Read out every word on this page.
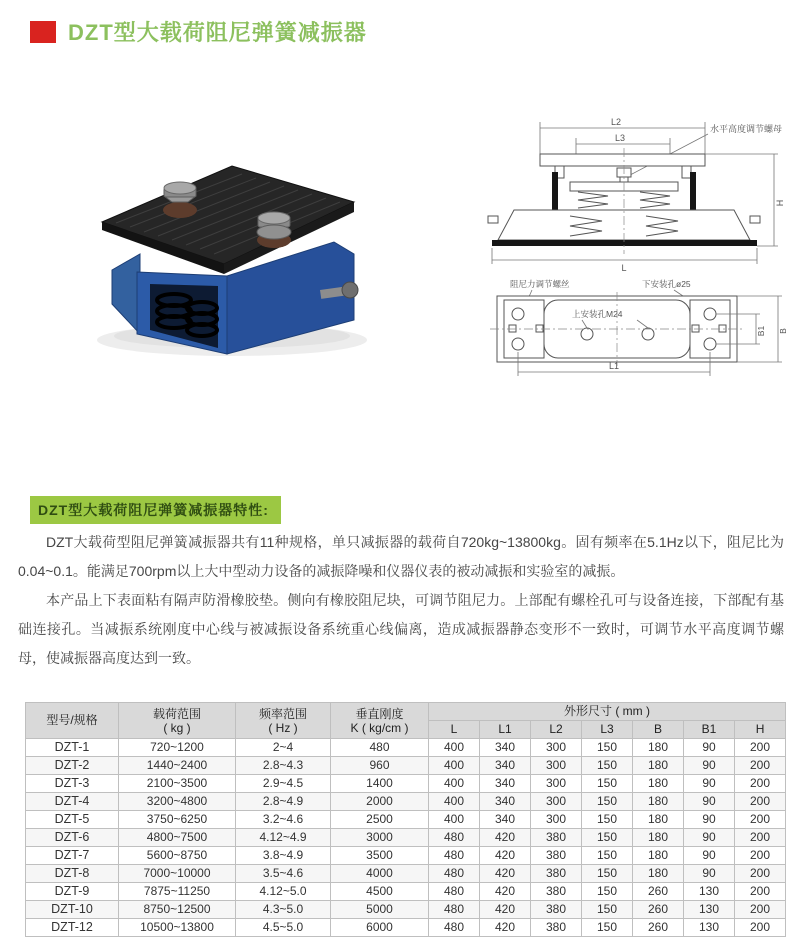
DZT型大载荷阻尼弹簧减振器
L2
L3
水平高度调节螺母
H
L
阻尼力调节螺丝	下安装孔ø25
上安装孔M24
B1 B
L1
DZT型大载荷阻尼弹簧减振器特性:

DZT大载荷型阻尼弹簧减振器共有11种规格，单只减振器的载荷自720kg~13800kg。固有频率在5.1Hz以下，阻尼比为0.04~0.1。能满足700rpm以上大中型动力设备的减振降噪和仪器仪表的被动减振和实验室的减振。

本产品上下表面粘有隔声防滑橡胶垫。侧向有橡胶阻尼块，可调节阻尼力。上部配有螺栓孔可与设备连接，下部配有基础连接孔。当减振系统刚度中心线与被减振设备系统重心线偏离，造成减振器静态变形不一致时，可调节水平高度调节螺母，使减振器高度达到一致。

型号/规格	载荷范围
( kg )

频率范围
( Hz )

垂直刚度
K ( kg/cm )
	外形尺寸 ( mm )
				L	L1	L2	L3	B	B1	H
DZT-1	720~1200	2~4	480	400	340	300	150	180	90	200
DZT-2	1440~2400	2.8~4.3	960	400	340	300	150	180	90	200
DZT-3	2100~3500	2.9~4.5	1400	400	340	300	150	180	90	200
DZT-4	3200~4800	2.8~4.9	2000	400	340	300	150	180	90	200
DZT-5	3750~6250	3.2~4.6	2500	400	340	300	150	180	90	200
DZT-6	4800~7500	4.12~4.9	3000	480	420	380	150	180	90	200
DZT-7	5600~8750	3.8~4.9	3500	480	420	380	150	180	90	200
DZT-8	7000~10000	3.5~4.6	4000	480	420	380	150	180	90	200
DZT-9	7875~11250	4.12~5.0	4500	480	420	380	150	260	130	200
DZT-10	8750~12500	4.3~5.0	5000	480	420	380	150	260	130	200
DZT-12	10500~13800	4.5~5.0	6000	480	420	380	150	260	130	200
